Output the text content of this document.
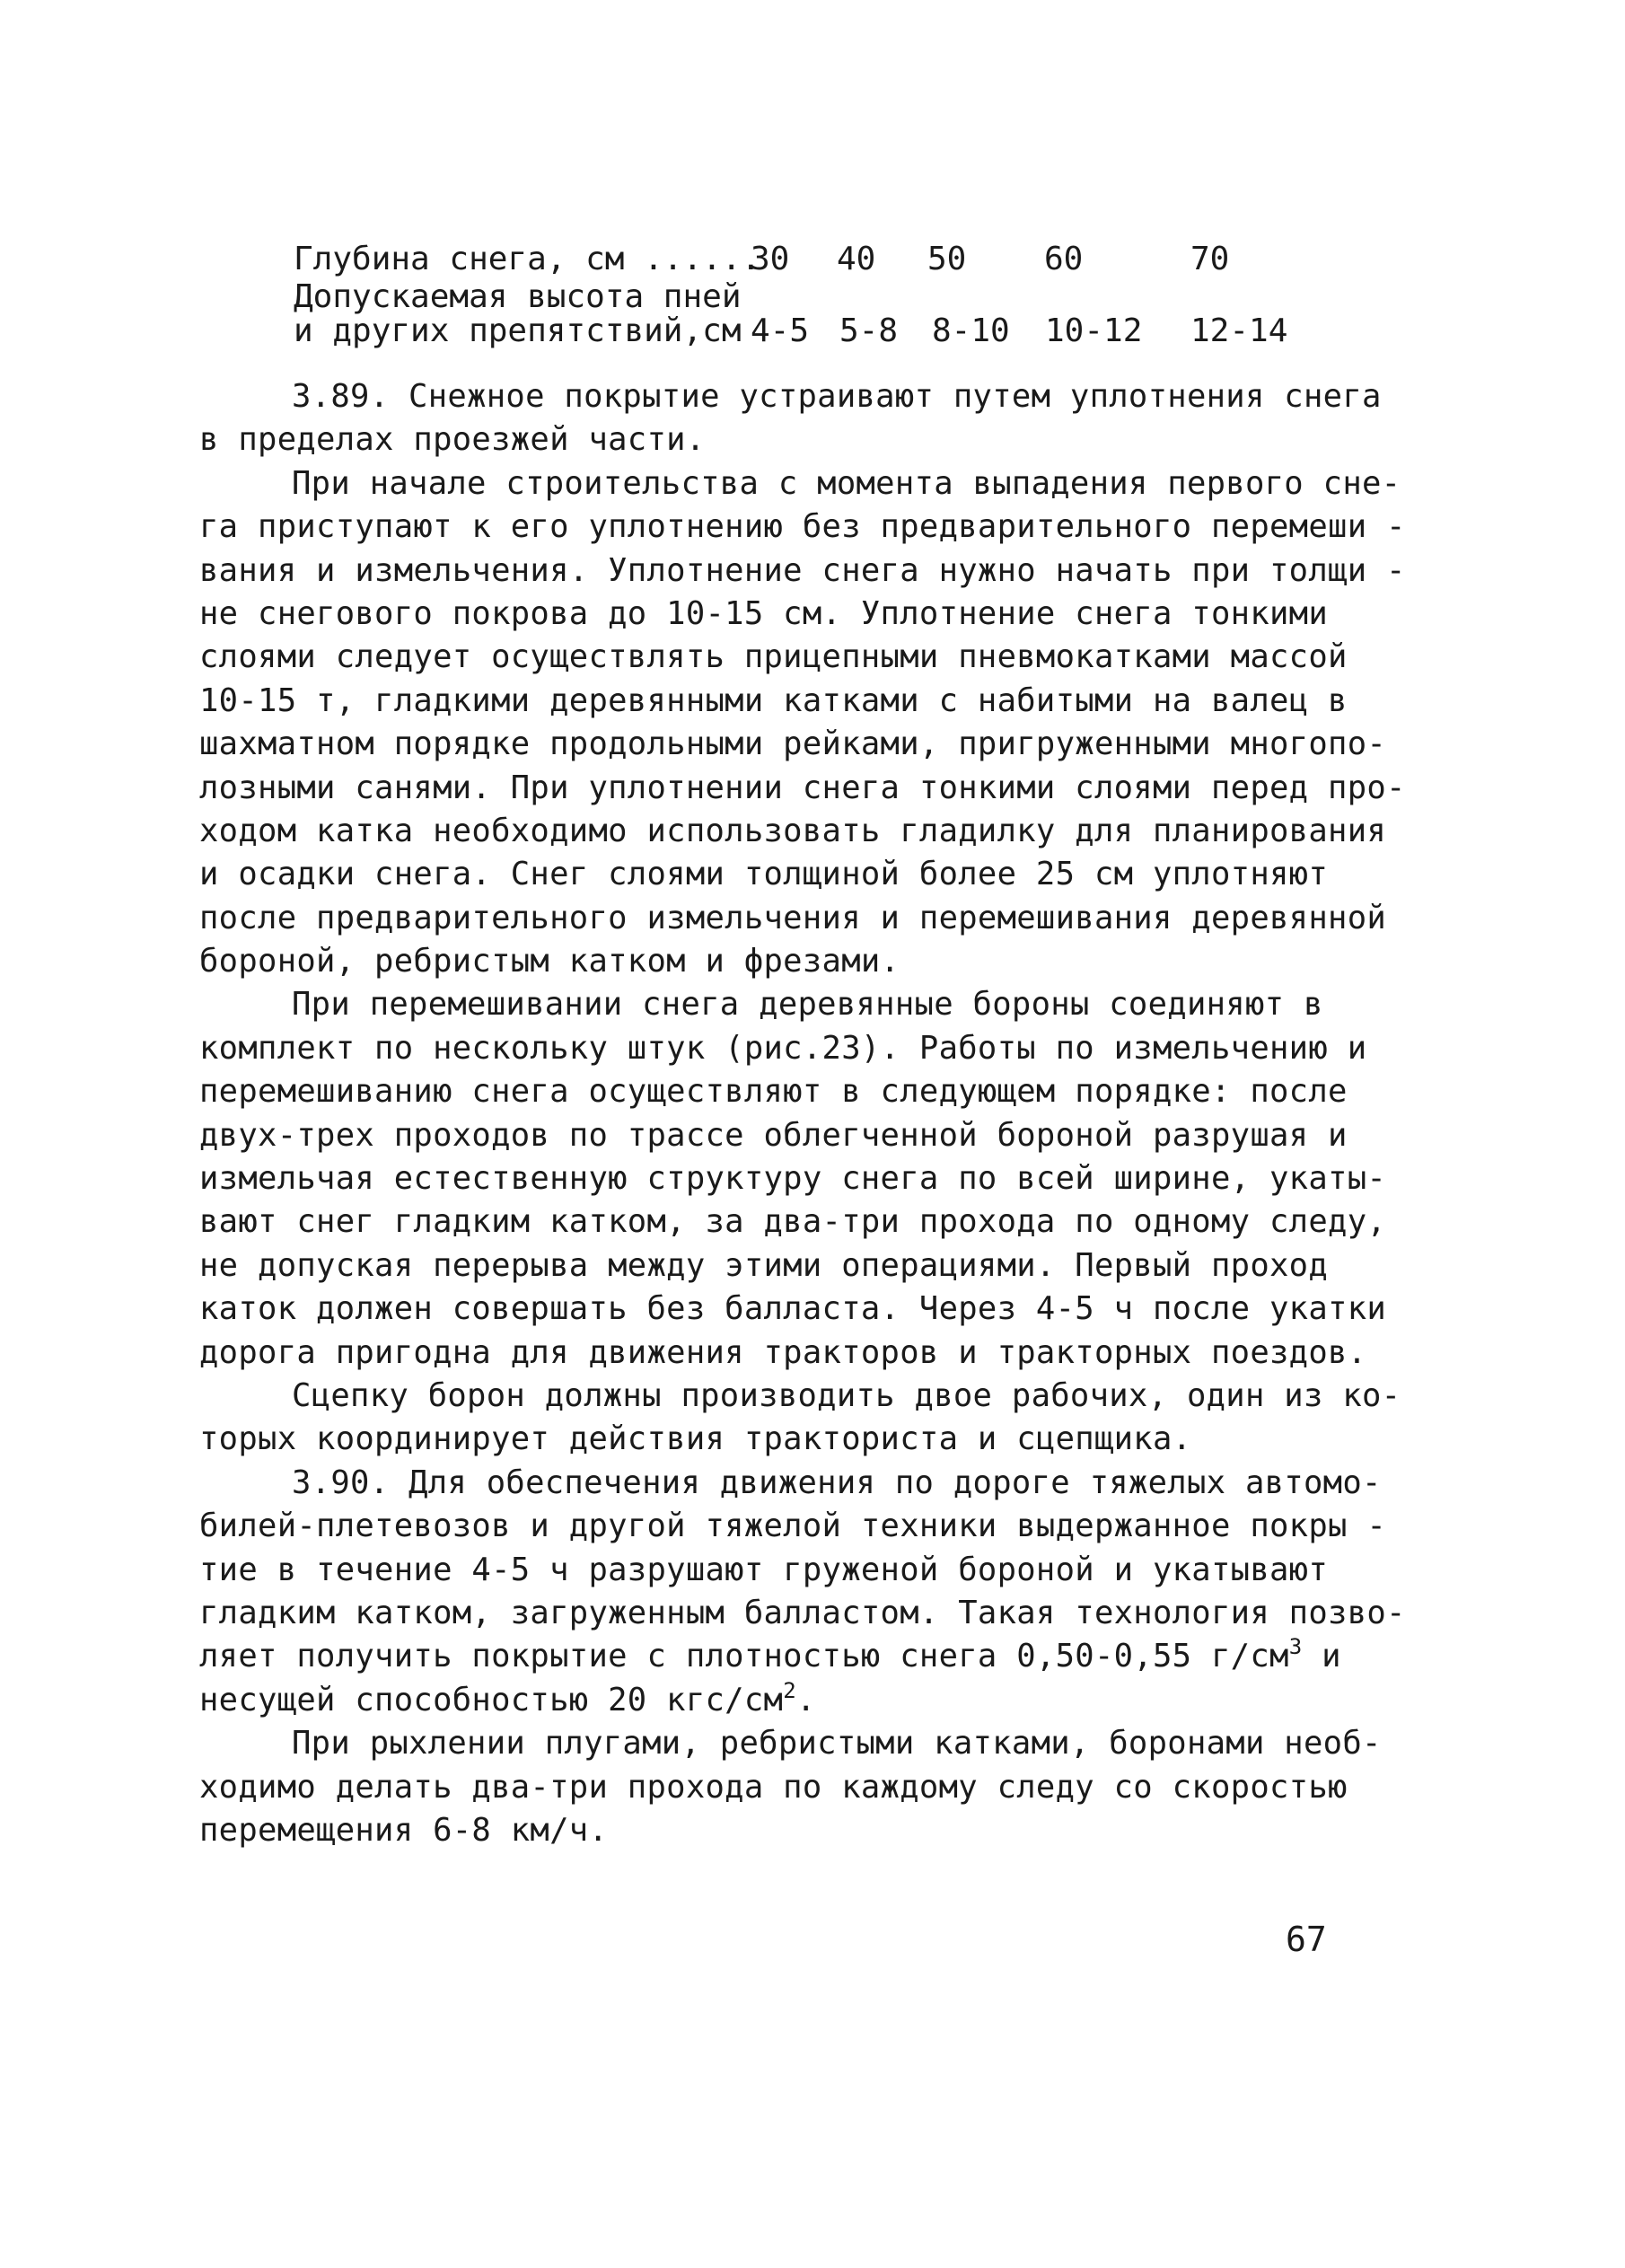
Глубина снега, см ......
30 40 50 60	70
Допускаемая высота пней
и других препятствий,см 4-5 5-8 8-10 10-12 12-14
3.89. Снежное покрытие устраивают путем уплотнения снега
в пределах проезжей части.
При начале строительства с момента выпадения первого сне-
га приступают к его уплотнению без предварительного перемеши -
вания и измельчения. Уплотнение снега нужно начать при толщи -
не снегового покрова до 10-15 см. Уплотнение снега тонкими
слоями следует осуществлять прицепными пневмокатками массой
10-15 т, гладкими деревянными катками с набитыми на валец в
шахматном порядке продольными рейками, пригруженными многопо-
лозными санями. При уплотнении снега тонкими слоями перед про-
ходом катка необходимо использовать гладилку для планирования
и осадки снега. Снег слоями толщиной более 25 см уплотняют
после предварительного измельчения и перемешивания деревянной
бороной, ребристым катком и фрезами.
При перемешивании снега деревянные бороны соединяют в
комплект по нескольку штук (рис.23). Работы по измельчению и
перемешиванию снега осуществляют в следующем порядке: после
двух-трех проходов по трассе облегченной бороной разрушая и
измельчая естественную структуру снега по всей ширине, укаты-
вают снег гладким катком, за два-три прохода по одному следу,
не допуская перерыва между этими операциями. Первый проход
каток должен совершать без балласта. Через 4-5 ч после укатки
дорога пригодна для движения тракторов и тракторных поездов.
Сцепку борон должны производить двое рабочих, один из ко-
торых координирует действия тракториста и сцепщика.
3.90. Для обеспечения движения по дороге тяжелых автомо-
билей-плетевозов и другой тяжелой техники выдержанное покры -
тие в течение 4-5 ч разрушают груженой бороной и укатывают
гладким катком, загруженным балластом. Такая технология позво-
ляет получить покрытие с плотностью снега 0,50-0,55 $г/см^3$ и
несущей способностью 20 кгс/$см^2$.
При рыхлении плугами, ребристыми катками, боронами необ-
ходимо делать два-три прохода по каждому следу со скоростью
перемещения 6-8 км/ч.
67
